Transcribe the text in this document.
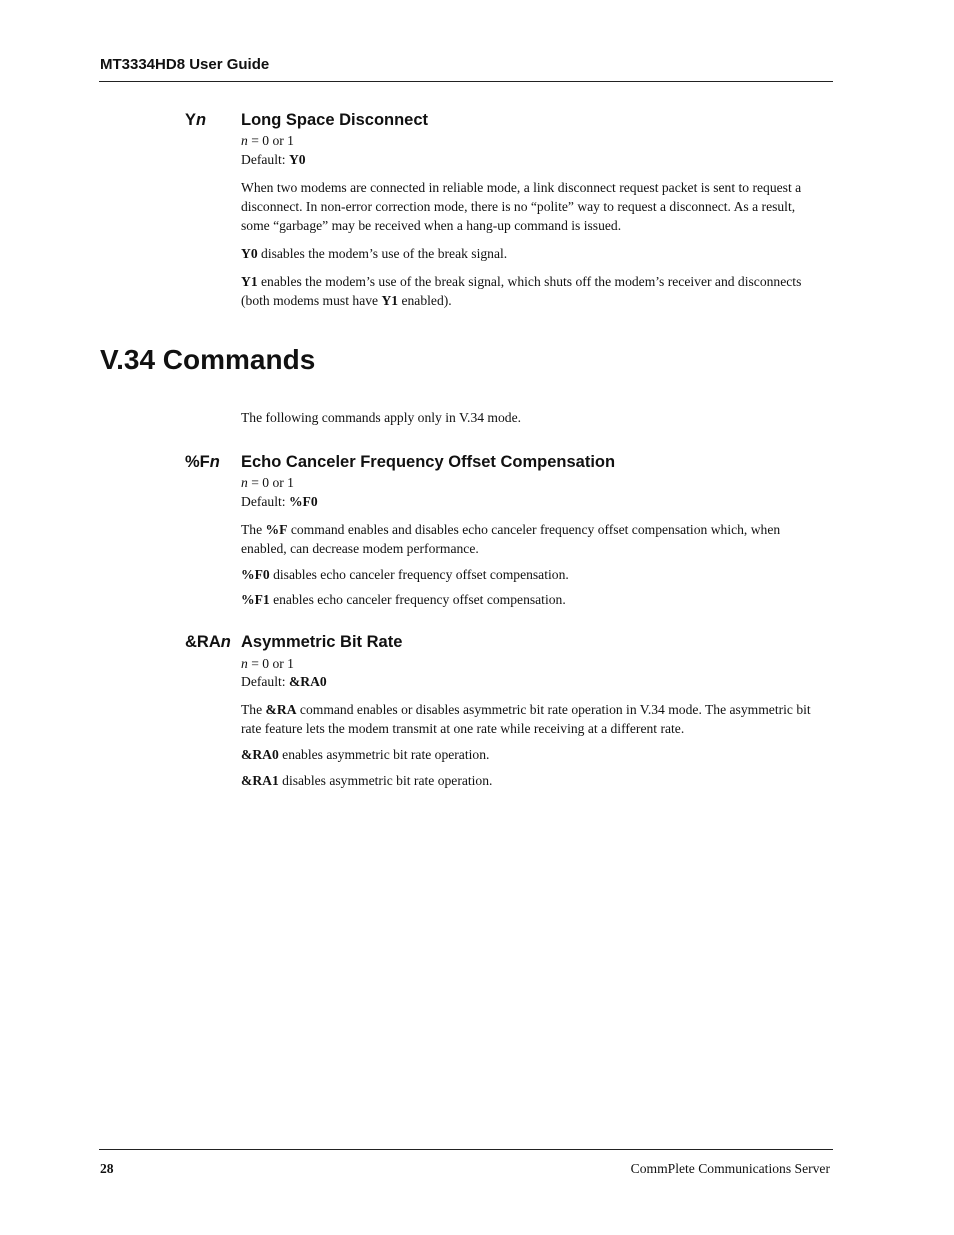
MT3334HD8 User Guide
Yn Long Space Disconnect
n = 0 or 1
Default: Y0
When two modems are connected in reliable mode, a link disconnect request packet is sent to request a disconnect. In non-error correction mode, there is no “polite” way to request a disconnect. As a result, some “garbage” may be received when a hang-up command is issued.
Y0 disables the modem’s use of the break signal.
Y1 enables the modem’s use of the break signal, which shuts off the modem’s receiver and disconnects (both modems must have Y1 enabled).
V.34 Commands
The following commands apply only in V.34 mode.
%Fn Echo Canceler Frequency Offset Compensation
n = 0 or 1
Default: %F0
The %F command enables and disables echo canceler frequency offset compensation which, when enabled, can decrease modem performance.
%F0 disables echo canceler frequency offset compensation.
%F1 enables echo canceler frequency offset compensation.
&RAn Asymmetric Bit Rate
n = 0 or 1
Default: &RA0
The &RA command enables or disables asymmetric bit rate operation in V.34 mode. The asymmetric bit rate feature lets the modem transmit at one rate while receiving at a different rate.
&RA0 enables asymmetric bit rate operation.
&RA1 disables asymmetric bit rate operation.
28	CommPlete Communications Server
